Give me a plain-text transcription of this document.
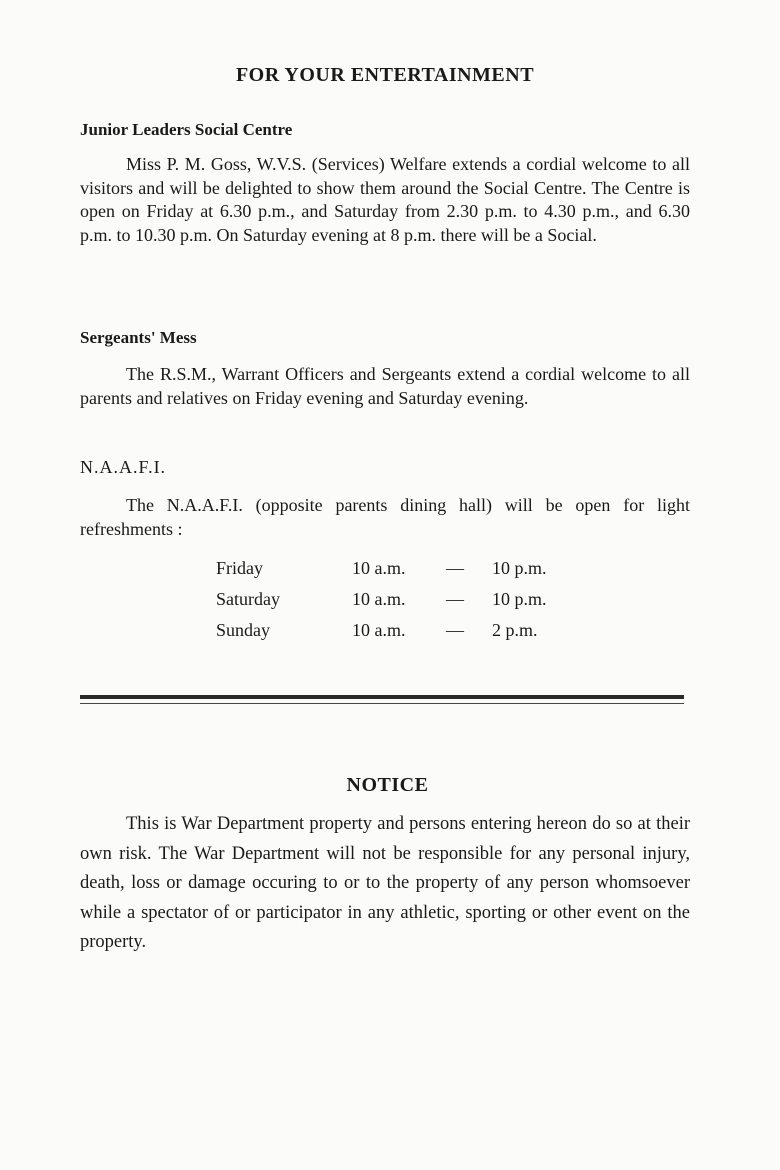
FOR YOUR ENTERTAINMENT
Junior Leaders Social Centre

Miss P. M. Goss, W.V.S. (Services) Welfare extends a cordial welcome to all visitors and will be delighted to show them around the Social Centre. The Centre is open on Friday at 6.30 p.m., and Saturday from 2.30 p.m. to 4.30 p.m., and 6.30 p.m. to 10.30 p.m. On Saturday evening at 8 p.m. there will be a Social.

Sergeants' Mess

The R.S.M., Warrant Officers and Sergeants extend a cordial welcome to all parents and relatives on Friday evening and Saturday evening.

N.A.A.F.I.

The N.A.A.F.I. (opposite parents dining hall) will be open for light refreshments :

Friday	10 a.m.	—	10 p.m.
Saturday	10 a.m.	—	10 p.m.
Sunday	10 a.m.	—	2 p.m.
NOTICE

This is War Department property and persons entering hereon do so at their own risk. The War Department will not be responsible for any personal injury, death, loss or damage occuring to or to the property of any person whomsoever while a spectator of or participator in any athletic, sporting or other event on the property.
